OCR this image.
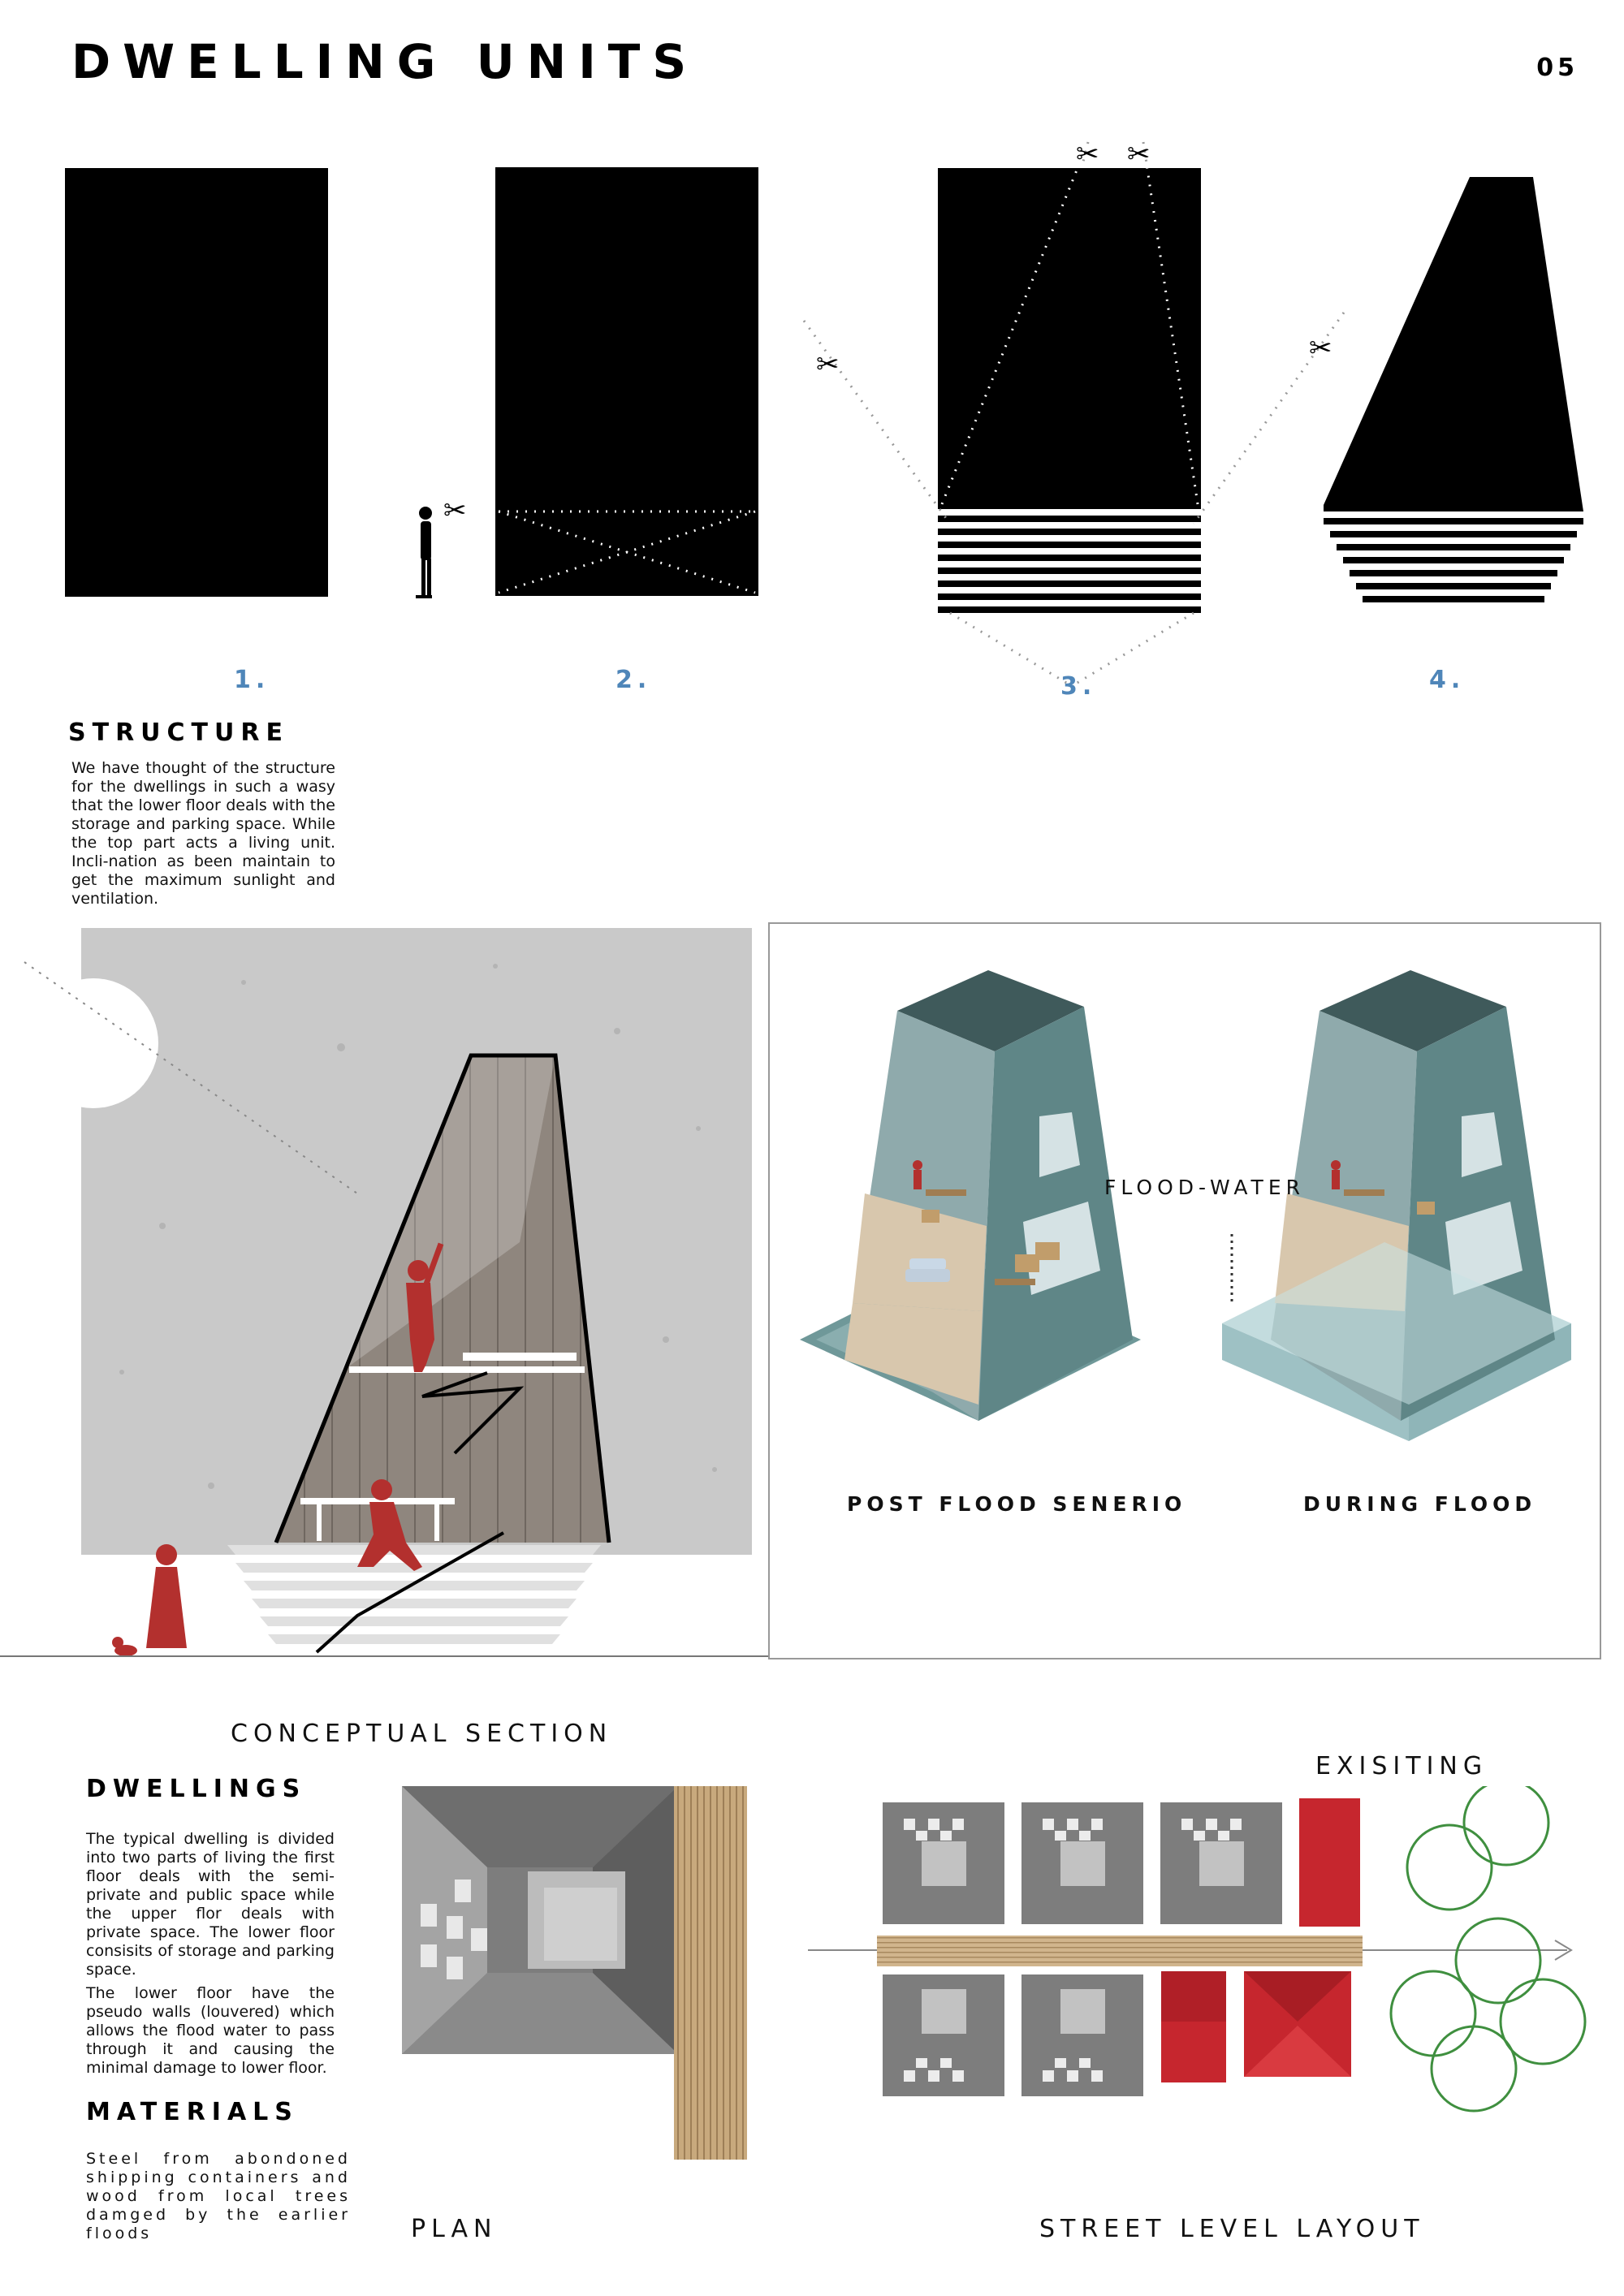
DWELLING UNITS	05
✂
✂ ✂
✂	✂
1.	2.	3.	4.
STRUCTURE
We have thought of the structure for the dwellings in such a wasy that the lower floor deals with the storage and parking space. While the top part acts a living unit. Incli-nation as been maintain to get the maximum sunlight and ventilation.
CONCEPTUAL SECTION
FLOOD-WATER
POST FLOOD SENERIO	DURING FLOOD
DWELLINGS
The typical dwelling is divided into two parts of living the first floor deals with the semi-private and public space while the upper flor deals with private space. The lower floor consisits of storage and parking space.
The lower floor have the pseudo walls (louvered) which allows the flood water to pass through it and causing the minimal damage to lower floor.
MATERIALS
Steel from abondoned shipping containers and wood from local trees damged by the earlier floods	PLAN
EXISITING
STREET LEVEL LAYOUT
